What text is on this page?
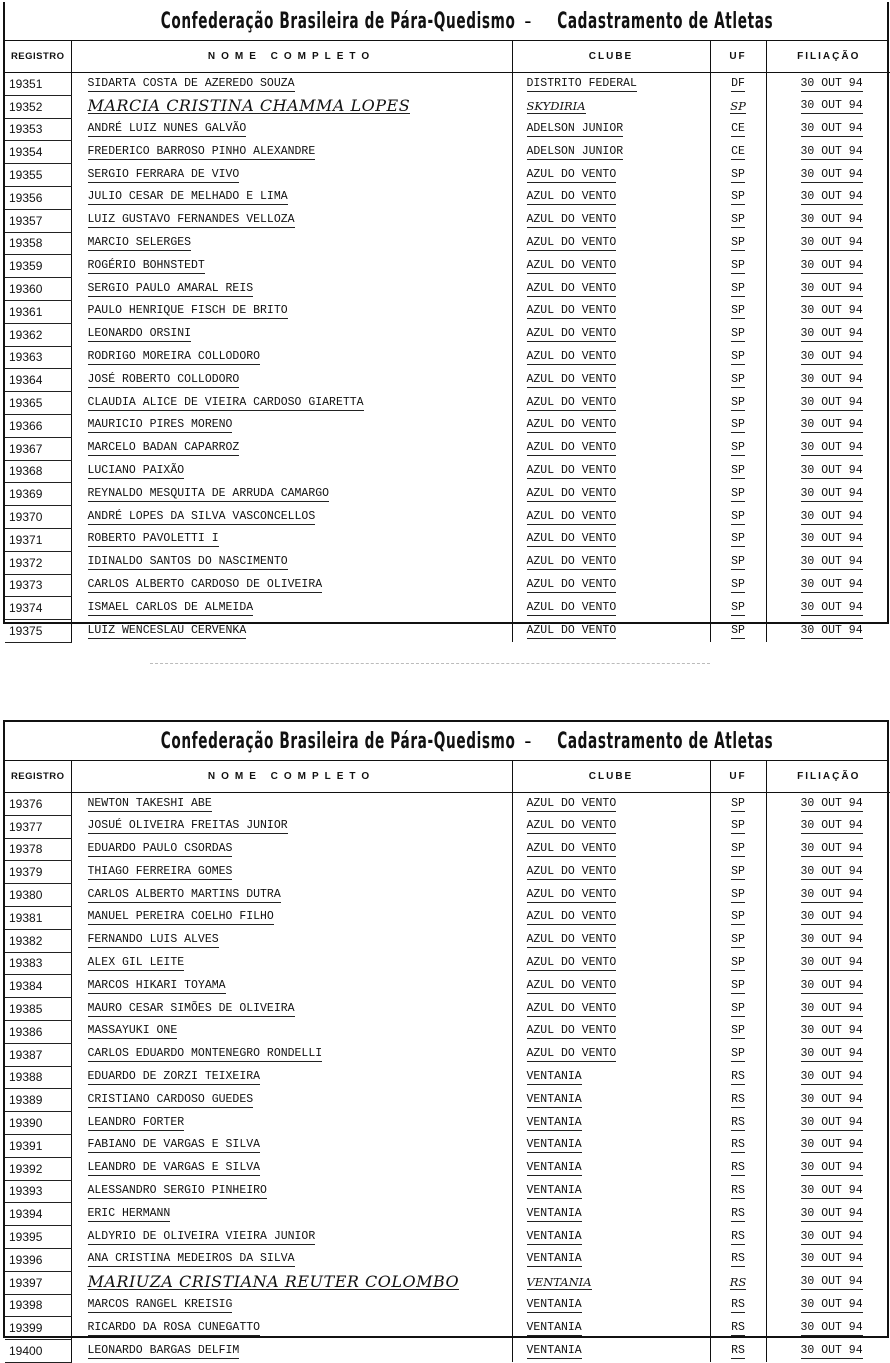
Confederação Brasileira de Pára-Quedismo - Cadastramento de Atletas
REGISTRO	NOME COMPLETO	CLUBE	UF	FILIAÇÃO
19351	SIDARTA COSTA DE AZEREDO SOUZA	DISTRITO FEDERAL	DF	30 OUT 94
19352	MARCIA CRISTINA CHAMMA LOPES	SKYDIRIA	SP	30 OUT 94
19353	ANDRÉ LUIZ NUNES GALVÃO	ADELSON JUNIOR	CE	30 OUT 94
19354	FREDERICO BARROSO PINHO ALEXANDRE	ADELSON JUNIOR	CE	30 OUT 94
19355	SERGIO FERRARA DE VIVO	AZUL DO VENTO	SP	30 OUT 94
19356	JULIO CESAR DE MELHADO E LIMA	AZUL DO VENTO	SP	30 OUT 94
19357	LUIZ GUSTAVO FERNANDES VELLOZA	AZUL DO VENTO	SP	30 OUT 94
19358	MARCIO SELERGES	AZUL DO VENTO	SP	30 OUT 94
19359	ROGÉRIO BOHNSTEDT	AZUL DO VENTO	SP	30 OUT 94
19360	SERGIO PAULO AMARAL REIS	AZUL DO VENTO	SP	30 OUT 94
19361	PAULO HENRIQUE FISCH DE BRITO	AZUL DO VENTO	SP	30 OUT 94
19362	LEONARDO ORSINI	AZUL DO VENTO	SP	30 OUT 94
19363	RODRIGO MOREIRA COLLODORO	AZUL DO VENTO	SP	30 OUT 94
19364	JOSÉ ROBERTO COLLODORO	AZUL DO VENTO	SP	30 OUT 94
19365	CLAUDIA ALICE DE VIEIRA CARDOSO GIARETTA	AZUL DO VENTO	SP	30 OUT 94
19366	MAURICIO PIRES MORENO	AZUL DO VENTO	SP	30 OUT 94
19367	MARCELO BADAN CAPARROZ	AZUL DO VENTO	SP	30 OUT 94
19368	LUCIANO PAIXÃO	AZUL DO VENTO	SP	30 OUT 94
19369	REYNALDO MESQUITA DE ARRUDA CAMARGO	AZUL DO VENTO	SP	30 OUT 94
19370	ANDRÉ LOPES DA SILVA VASCONCELLOS	AZUL DO VENTO	SP	30 OUT 94
19371	ROBERTO PAVOLETTI I	AZUL DO VENTO	SP	30 OUT 94
19372	IDINALDO SANTOS DO NASCIMENTO	AZUL DO VENTO	SP	30 OUT 94
19373	CARLOS ALBERTO CARDOSO DE OLIVEIRA	AZUL DO VENTO	SP	30 OUT 94
19374	ISMAEL CARLOS DE ALMEIDA	AZUL DO VENTO	SP	30 OUT 94
19375	LUIZ WENCESLAU CERVENKA	AZUL DO VENTO	SP	30 OUT 94
Confederação Brasileira de Pára-Quedismo - Cadastramento de Atletas
REGISTRO	NOME COMPLETO	CLUBE	UF	FILIAÇÃO
19376	NEWTON TAKESHI ABE	AZUL DO VENTO	SP	30 OUT 94
19377	JOSUÉ OLIVEIRA FREITAS JUNIOR	AZUL DO VENTO	SP	30 OUT 94
19378	EDUARDO PAULO CSORDAS	AZUL DO VENTO	SP	30 OUT 94
19379	THIAGO FERREIRA GOMES	AZUL DO VENTO	SP	30 OUT 94
19380	CARLOS ALBERTO MARTINS DUTRA	AZUL DO VENTO	SP	30 OUT 94
19381	MANUEL PEREIRA COELHO FILHO	AZUL DO VENTO	SP	30 OUT 94
19382	FERNANDO LUIS ALVES	AZUL DO VENTO	SP	30 OUT 94
19383	ALEX GIL LEITE	AZUL DO VENTO	SP	30 OUT 94
19384	MARCOS HIKARI TOYAMA	AZUL DO VENTO	SP	30 OUT 94
19385	MAURO CESAR SIMÕES DE OLIVEIRA	AZUL DO VENTO	SP	30 OUT 94
19386	MASSAYUKI ONE	AZUL DO VENTO	SP	30 OUT 94
19387	CARLOS EDUARDO MONTENEGRO RONDELLI	AZUL DO VENTO	SP	30 OUT 94
19388	EDUARDO DE ZORZI TEIXEIRA	VENTANIA	RS	30 OUT 94
19389	CRISTIANO CARDOSO GUEDES	VENTANIA	RS	30 OUT 94
19390	LEANDRO FORTER	VENTANIA	RS	30 OUT 94
19391	FABIANO DE VARGAS E SILVA	VENTANIA	RS	30 OUT 94
19392	LEANDRO DE VARGAS E SILVA	VENTANIA	RS	30 OUT 94
19393	ALESSANDRO SERGIO PINHEIRO	VENTANIA	RS	30 OUT 94
19394	ERIC HERMANN	VENTANIA	RS	30 OUT 94
19395	ALDYRIO DE OLIVEIRA VIEIRA JUNIOR	VENTANIA	RS	30 OUT 94
19396	ANA CRISTINA MEDEIROS DA SILVA	VENTANIA	RS	30 OUT 94
19397	MARIUZA CRISTIANA REUTER COLOMBO	VENTANIA	RS	30 OUT 94
19398	MARCOS RANGEL KREISIG	VENTANIA	RS	30 OUT 94
19399	RICARDO DA ROSA CUNEGATTO	VENTANIA	RS	30 OUT 94
19400	LEONARDO BARGAS DELFIM	VENTANIA	RS	30 OUT 94
